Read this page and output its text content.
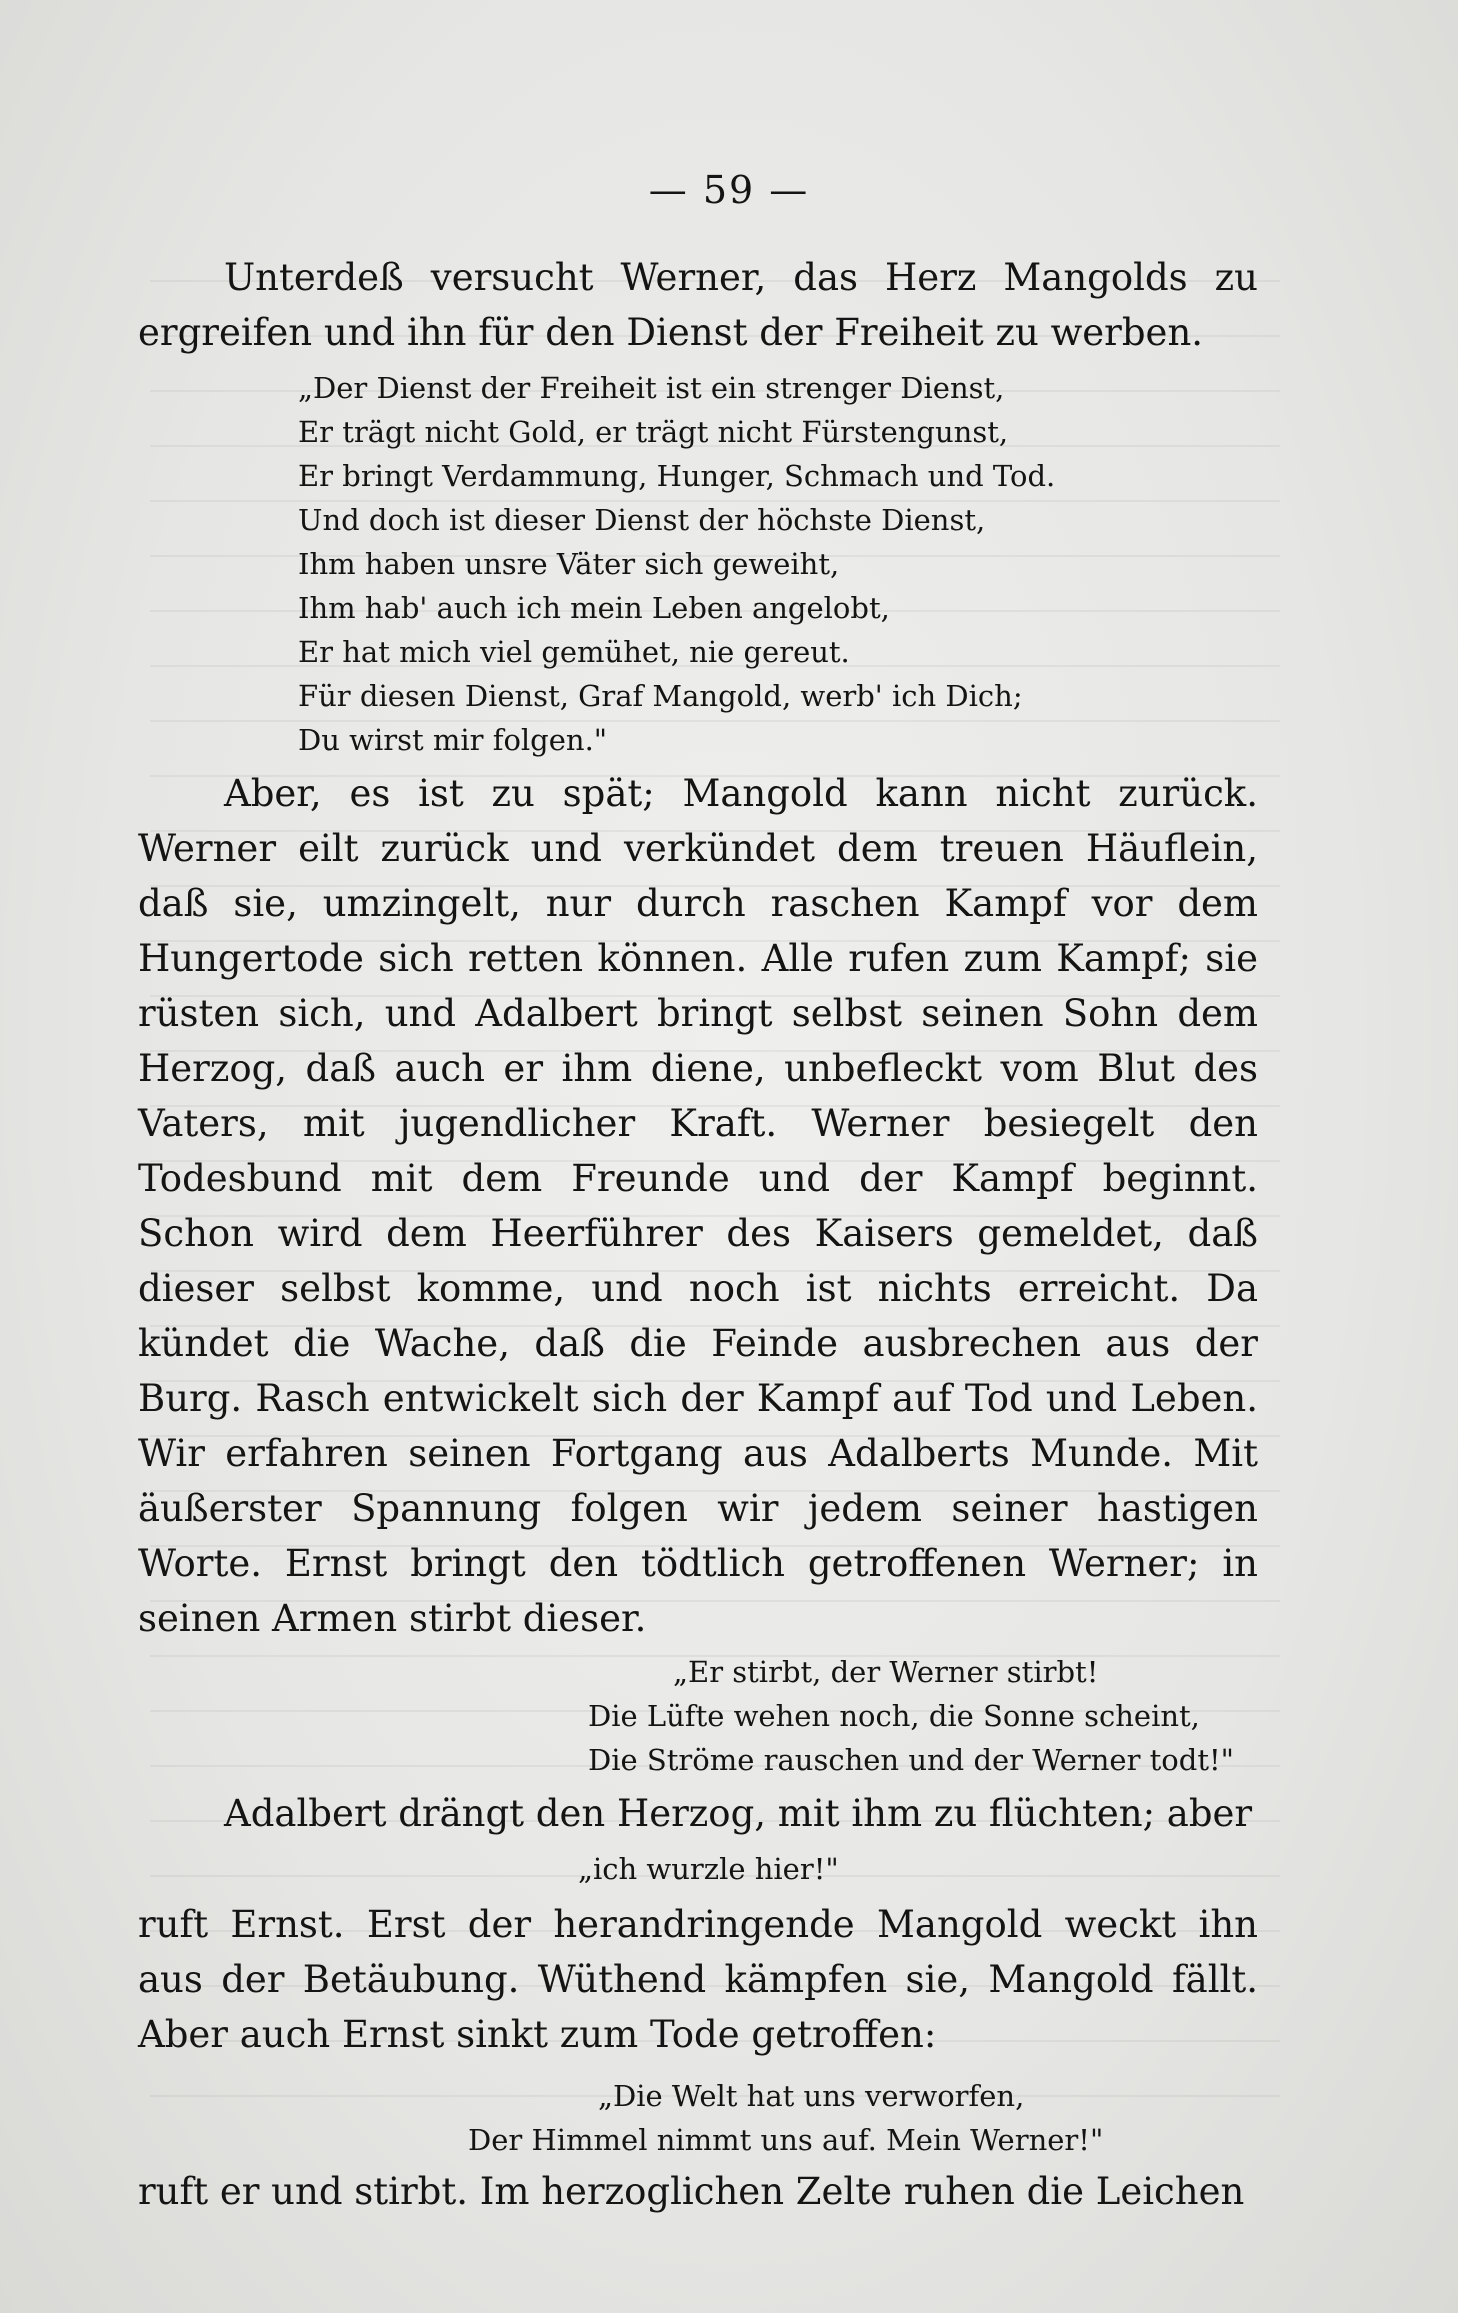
— 59 —

Unterdeß versucht Werner, das Herz Mangolds zu ergreifen und ihn für den Dienst der Freiheit zu werben.

„Der Dienst der Freiheit ist ein strenger Dienst,
Er trägt nicht Gold, er trägt nicht Fürstengunst,
Er bringt Verdammung, Hunger, Schmach und Tod.
Und doch ist dieser Dienst der höchste Dienst,
Ihm haben unsre Väter sich geweiht,
Ihm hab' auch ich mein Leben angelobt,
Er hat mich viel gemühet, nie gereut.
Für diesen Dienst, Graf Mangold, werb' ich Dich;
Du wirst mir folgen."

Aber, es ist zu spät; Mangold kann nicht zurück. Werner eilt zurück und verkündet dem treuen Häuflein, daß sie, umzingelt, nur durch raschen Kampf vor dem Hungertode sich retten können. Alle rufen zum Kampf; sie rüsten sich, und Adalbert bringt selbst seinen Sohn dem Herzog, daß auch er ihm diene, unbefleckt vom Blut des Vaters, mit jugendlicher Kraft. Werner besiegelt den Todesbund mit dem Freunde und der Kampf beginnt. Schon wird dem Heerführer des Kaisers gemeldet, daß dieser selbst komme, und noch ist nichts erreicht. Da kündet die Wache, daß die Feinde ausbrechen aus der Burg. Rasch entwickelt sich der Kampf auf Tod und Leben. Wir erfahren seinen Fortgang aus Adalberts Munde. Mit äußerster Spannung folgen wir jedem seiner hastigen Worte. Ernst bringt den tödtlich getroffenen Werner; in seinen Armen stirbt dieser.

„Er stirbt, der Werner stirbt!
Die Lüfte wehen noch, die Sonne scheint,
Die Ströme rauschen und der Werner todt!"

Adalbert drängt den Herzog, mit ihm zu flüchten; aber

„ich wurzle hier!"

ruft Ernst. Erst der herandringende Mangold weckt ihn aus der Betäubung. Wüthend kämpfen sie, Mangold fällt. Aber auch Ernst sinkt zum Tode getroffen:

„Die Welt hat uns verworfen,
Der Himmel nimmt uns auf. Mein Werner!"

ruft er und stirbt. Im herzoglichen Zelte ruhen die Leichen
